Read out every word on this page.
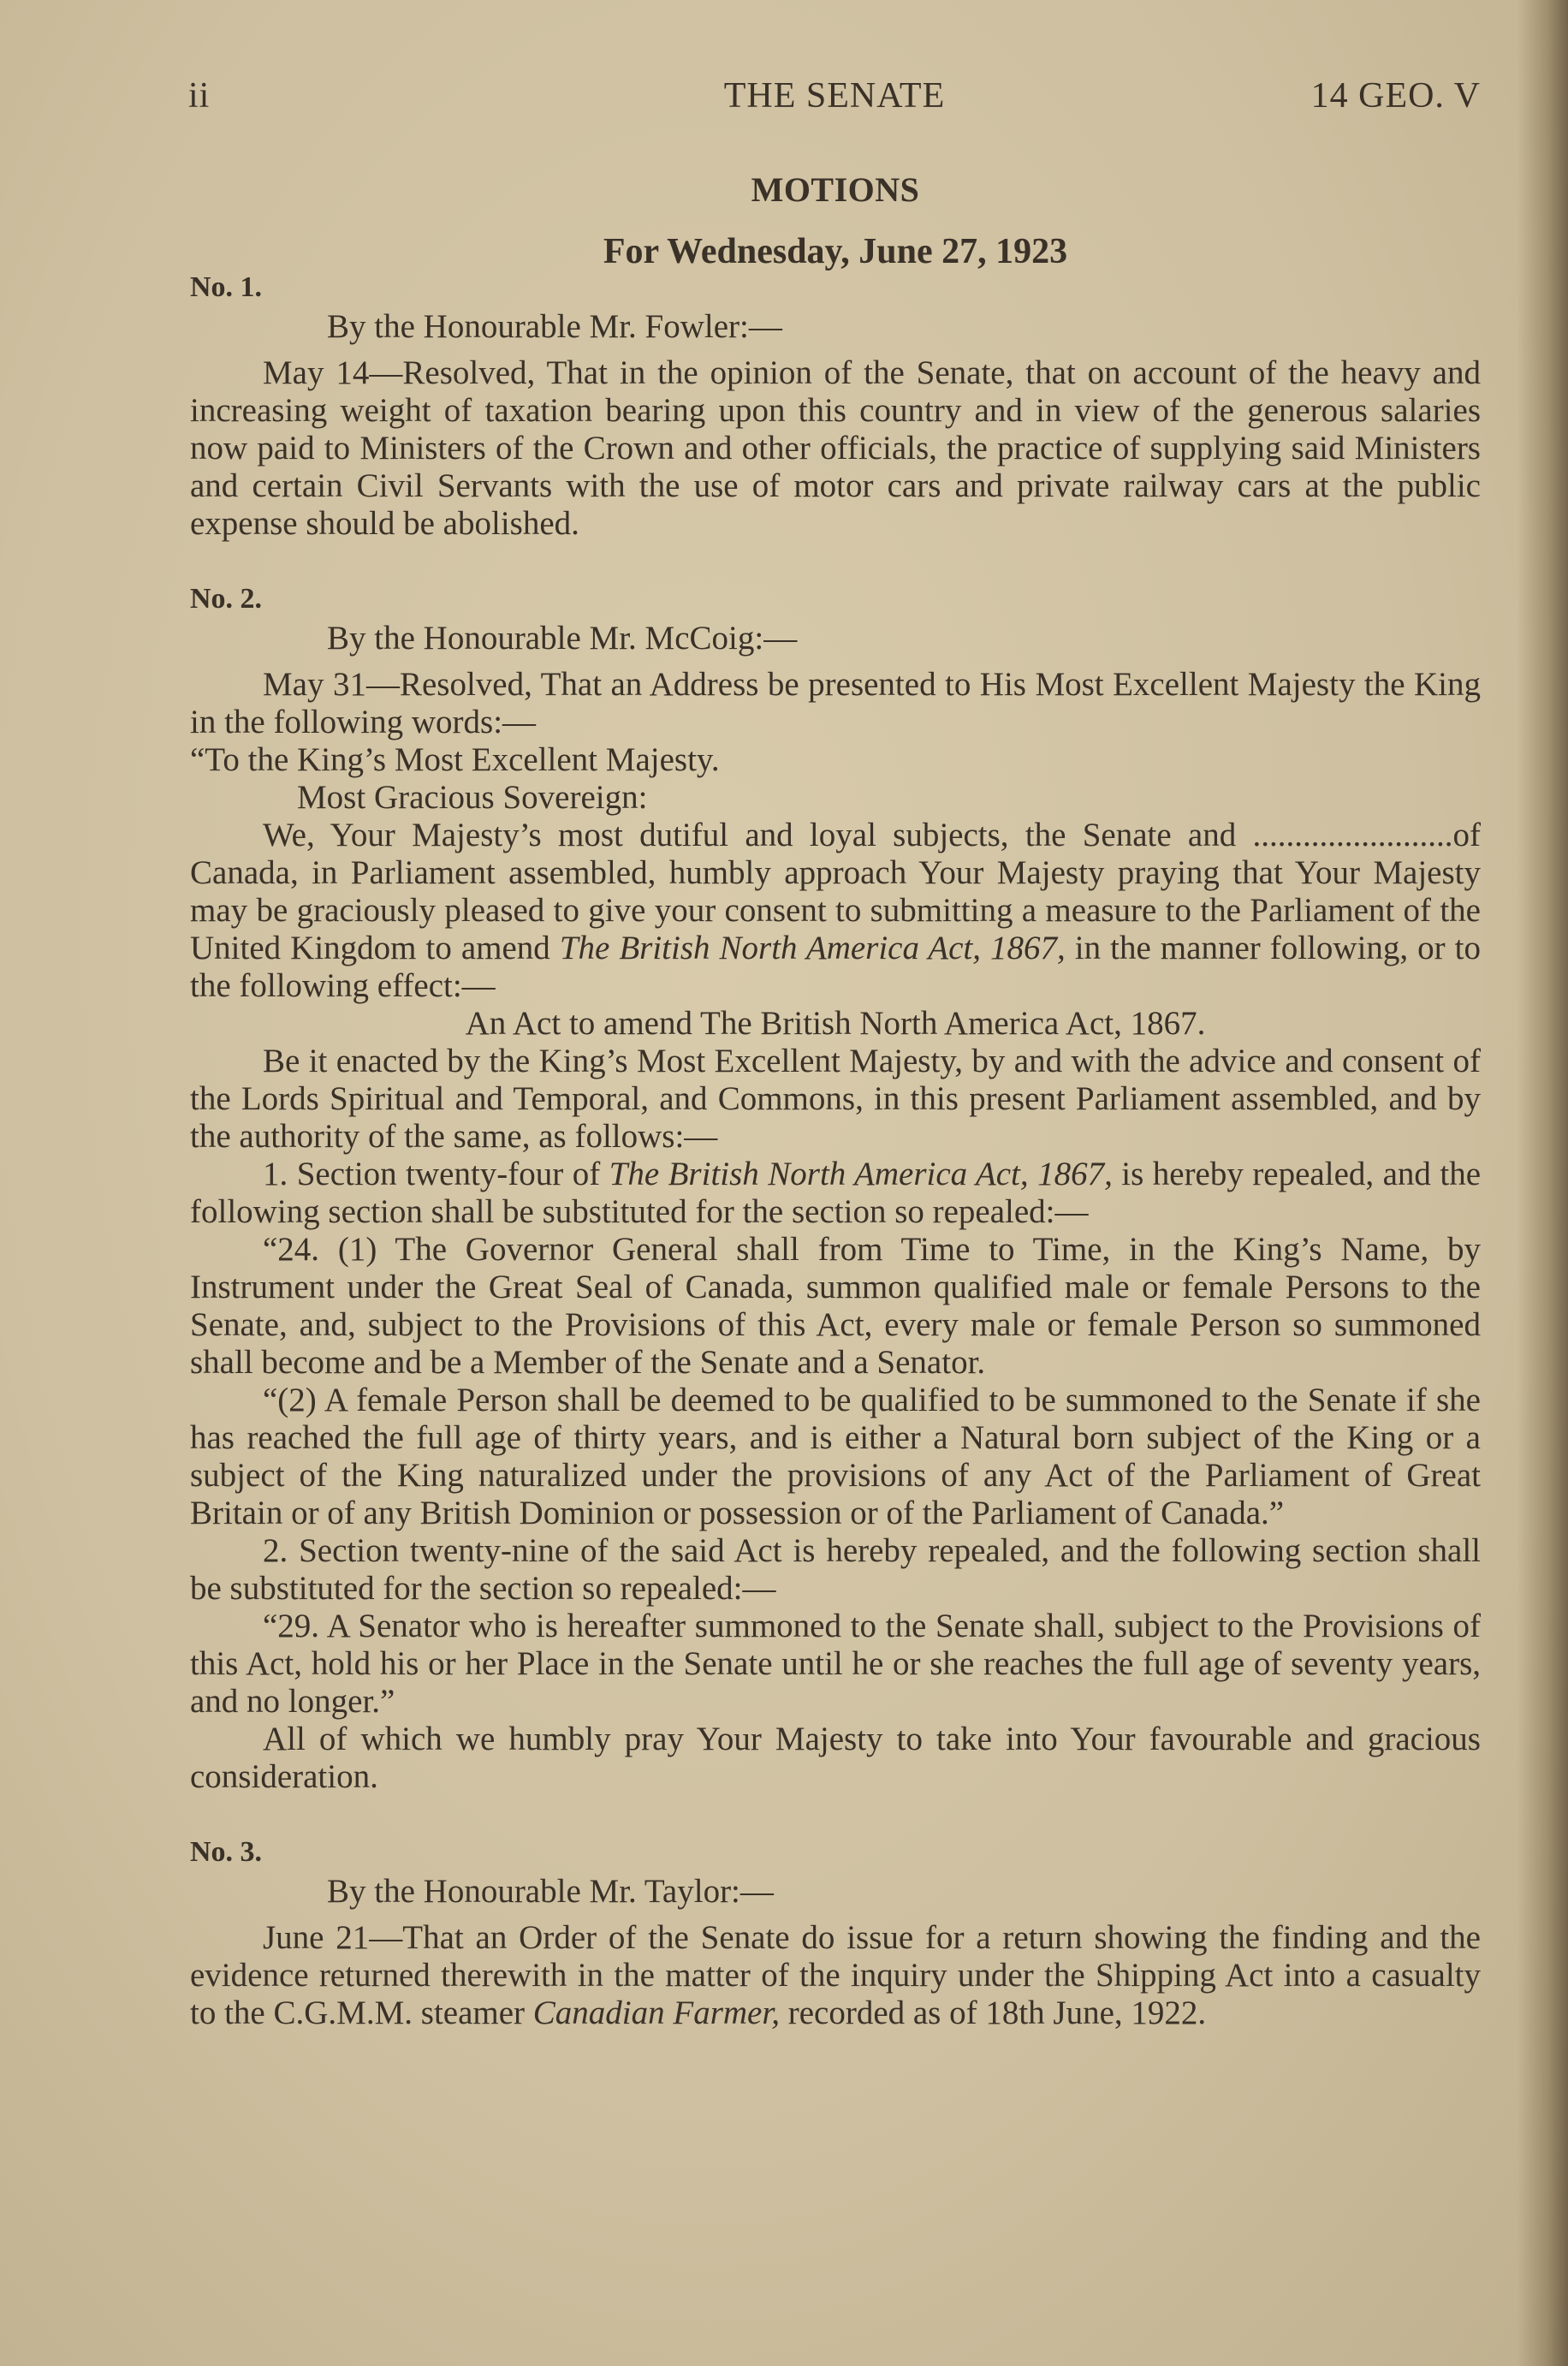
ii	THE SENATE	14 GEO. V
MOTIONS
For Wednesday, June 27, 1923
No. 1.
By the Honourable Mr. Fowler:—

May 14—Resolved, That in the opinion of the Senate, that on account of the heavy and increasing weight of taxation bearing upon this country and in view of the generous salaries now paid to Ministers of the Crown and other officials, the practice of supplying said Ministers and certain Civil Servants with the use of motor cars and private railway cars at the public expense should be abolished.

No. 2.
By the Honourable Mr. McCoig:—

May 31—Resolved, That an Address be presented to His Most Excellent Majesty the King in the following words:—

“To the King’s Most Excellent Majesty.

Most Gracious Sovereign:

We, Your Majesty’s most dutiful and loyal subjects, the Senate and ........................of Canada, in Parliament assembled, humbly approach Your Majesty praying that Your Majesty may be graciously pleased to give your consent to submitting a measure to the Parliament of the United Kingdom to amend The British North America Act, 1867, in the manner following, or to the following effect:—

An Act to amend The British North America Act, 1867.

Be it enacted by the King’s Most Excellent Majesty, by and with the advice and consent of the Lords Spiritual and Temporal, and Commons, in this present Parliament assembled, and by the authority of the same, as follows:—

1. Section twenty-four of The British North America Act, 1867, is hereby repealed, and the following section shall be substituted for the section so repealed:—

“24. (1) The Governor General shall from Time to Time, in the King’s Name, by Instrument under the Great Seal of Canada, summon qualified male or female Persons to the Senate, and, subject to the Provisions of this Act, every male or female Person so summoned shall become and be a Member of the Senate and a Senator.

“(2) A female Person shall be deemed to be qualified to be summoned to the Senate if she has reached the full age of thirty years, and is either a Natural born subject of the King or a subject of the King naturalized under the provisions of any Act of the Parliament of Great Britain or of any British Dominion or possession or of the Parliament of Canada.”

2. Section twenty-nine of the said Act is hereby repealed, and the following section shall be substituted for the section so repealed:—

“29. A Senator who is hereafter summoned to the Senate shall, subject to the Provisions of this Act, hold his or her Place in the Senate until he or she reaches the full age of seventy years, and no longer.”

All of which we humbly pray Your Majesty to take into Your favourable and gracious consideration.

No. 3.
By the Honourable Mr. Taylor:—

June 21—That an Order of the Senate do issue for a return showing the finding and the evidence returned therewith in the matter of the inquiry under the Shipping Act into a casualty to the C.G.M.M. steamer Canadian Farmer, recorded as of 18th June, 1922.
